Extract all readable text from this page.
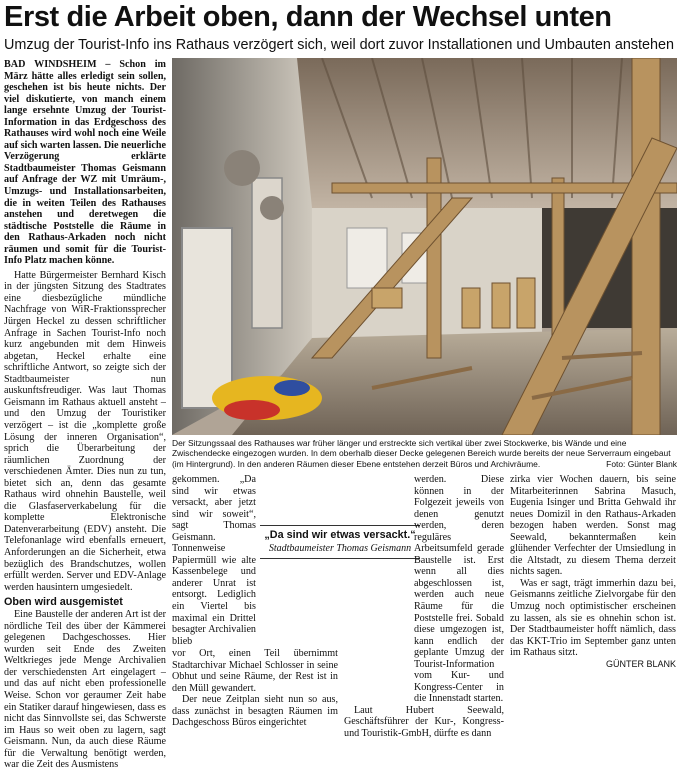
Erst die Arbeit oben, dann der Wechsel unten
Umzug der Tourist-Info ins Rathaus verzögert sich, weil dort zuvor Installationen und Umbauten anstehen

BAD WINDSHEIM – Schon im März hätte alles erledigt sein sollen, geschehen ist bis heute nichts. Der viel diskutierte, von manch einem lange ersehnte Umzug der Tourist-Information in das Erdgeschoss des Rathauses wird wohl noch eine Weile auf sich warten lassen. Die neuerliche Verzögerung erklärte Stadtbaumeister Thomas Geismann auf Anfrage der WZ mit Umräum-, Umzugs- und Installationsarbeiten, die in weiten Teilen des Rathauses anstehen und deretwegen die städtische Poststelle die Räume in den Rathaus-Arkaden noch nicht räumen und somit für die Tourist-Info Platz machen könne.

Hatte Bürgermeister Bernhard Kisch in der jüngsten Sitzung des Stadtrates eine diesbezügliche mündliche Nachfrage von WiR-Fraktionssprecher Jürgen Heckel zu dessen schriftlicher Anfrage in Sachen Tourist-Info noch kurz angebunden mit dem Hinweis abgetan, Heckel erhalte eine schriftliche Antwort, so zeigte sich der Stadtbaumeister nun auskunftsfreudiger. Was laut Thomas Geismann im Rathaus aktuell ansteht – und den Umzug der Touristiker verzögert – ist die „komplette große Lösung der inneren Organisation“, sprich die Überarbeitung der räumlichen Zuordnung der verschiedenen Ämter. Dies nun zu tun, bietet sich an, denn das gesamte Rathaus wird ohnehin Baustelle, weil die Glasfaserverkabelung für die komplette Elektronische Datenverarbeitung (EDV) ansteht. Die Telefonanlage wird ebenfalls erneuert, Anforderungen an die Sicherheit, etwa bezüglich des Brandschutzes, wollen erfüllt werden. Server und EDV-Anlage werden hausintern umgesiedelt.

Oben wird ausgemistet

Eine Baustelle der anderen Art ist der nördliche Teil des über der Kämmerei gelegenen Dachgeschosses. Hier wurden seit Ende des Zweiten Weltkrieges jede Menge Archivalien der verschiedensten Art eingelagert – und das auf nicht eben professionelle Weise. Schon vor geraumer Zeit habe ein Statiker darauf hingewiesen, dass es nicht das Sinnvollste sei, das Schwerste im Haus so weit oben zu lagern, sagt Geismann. Nun, da auch diese Räume für die Verwaltung benötigt werden, war die Zeit des Ausmistens

Der Sitzungssaal des Rathauses war früher länger und erstreckte sich vertikal über zwei Stockwerke, bis Wände und eine Zwischendecke eingezogen wurden. In dem oberhalb dieser Decke gelegenen Bereich wurde bereits der neue Serverraum eingebaut (im Hintergrund). In den anderen Räumen dieser Ebene entstehen derzeit Büros und Archivräume.	Foto: Günter Blank

gekommen. „Da sind wir etwas versackt, aber jetzt sind wir soweit“, sagt Thomas Geismann. Tonnenweise Papiermüll wie alte Kassenbelege und anderer Unrat ist entsorgt. Lediglich ein Viertel bis maximal ein Drittel besagter Archivalien blieb

vor Ort, einen Teil übernimmt Stadtarchivar Michael Schlosser in seine Obhut und seine Räume, der Rest ist in den Müll gewandert.

Der neue Zeitplan sieht nun so aus, dass zunächst in besagten Räumen im Dachgeschoss Büros eingerichtet

„Da sind wir etwas versackt.“
Stadtbaumeister Thomas Geismann

werden. Diese können in der Folgezeit jeweils von denen genutzt werden, deren reguläres Arbeitsumfeld gerade Baustelle ist. Erst wenn all dies abgeschlossen ist, werden auch neue Räume für die Poststelle frei. Sobald diese umgezogen ist, kann endlich der geplante Umzug der Tourist-Information vom Kur- und Kongress-Center in die Innenstadt starten.

Laut Hubert Seewald, Geschäftsführer der Kur-, Kongress- und Touristik-GmbH, dürfte es dann

zirka vier Wochen dauern, bis seine Mitarbeiterinnen Sabrina Masuch, Eugenia Isinger und Britta Gehwald ihr neues Domizil in den Rathaus-Arkaden bezogen haben werden. Sonst mag Seewald, bekanntermaßen kein glühender Verfechter der Umsiedlung in die Altstadt, zu diesem Thema derzeit nichts sagen.

Was er sagt, trägt immerhin dazu bei, Geismanns zeitliche Zielvorgabe für den Umzug noch optimistischer erscheinen zu lassen, als sie es ohnehin schon ist. Der Stadtbaumeister hofft nämlich, dass das KKT-Trio im September ganz unten im Rathaus sitzt.

GÜNTER BLANK
